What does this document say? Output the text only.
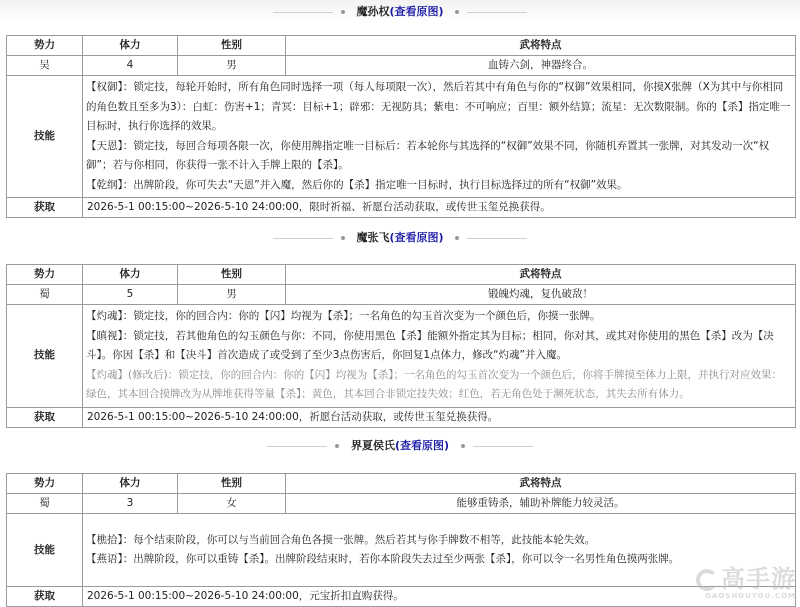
魔孙权(查看原图)
势力	体力	性别	武将特点
吴	4	男	血铸六剑，神器终合。
技能	【权御】：锁定技，每轮开始时，所有角色同时选择一项（每人每项限一次），然后若其中有角色与你的“权御”效果相同，你摸X张牌（X为其中与你相同的角色数且至多为3）：白虹：伤害+1；青冥：目标+1；辟邪：无视防具；紫电：不可响应；百里：额外结算；流星：无次数限制。你的【杀】指定唯一目标时，执行你选择的效果。
【天恩】：锁定技，每回合每项各限一次，你使用牌指定唯一目标后：若本轮你与其选择的“权御”效果不同，你随机弃置其一张牌，对其发动一次“权御”；若与你相同，你获得一张不计入手牌上限的【杀】。
【乾纲】：出牌阶段，你可失去“天恩”并入魔，然后你的【杀】指定唯一目标时，执行目标选择过的所有“权御”效果。		

获取	2026-5-1 00:15:00~2026-5-10 24:00:00，限时祈福、祈愿台活动获取，或传世玉玺兑换获得。		
魔张飞(查看原图)
势力	体力	性别	武将特点
蜀	5	男	锻魄灼魂，复仇破敌！
技能	【灼魂】：锁定技，你的回合内：你的【闪】均视为【杀】；一名角色的勾玉首次变为一个颜色后，你摸一张牌。
【瞋视】：锁定技，若其他角色的勾玉颜色与你：不同，你使用黑色【杀】能额外指定其为目标；相同，你对其，或其对你使用的黑色【杀】改为【决斗】。你因【杀】和【决斗】首次造成了或受到了至少3点伤害后，你回复1点体力，修改“灼魂”并入魔。
【灼魂】(修改后)：锁定技，你的回合内：你的【闪】均视为【杀】；一名角色的勾玉首次变为一个颜色后，你将手牌摸至体力上限，并执行对应效果：绿色，其本回合摸牌改为从牌堆获得等量【杀】；黄色，其本回合非锁定技失效；红色，若无角色处于濒死状态，其失去所有体力。		

获取	2026-5-1 00:15:00~2026-5-10 24:00:00，祈愿台活动获取，或传世玉玺兑换获得。		
界夏侯氏(查看原图)
势力	体力	性别	武将特点
蜀	3	女	能够重铸杀，辅助补牌能力较灵活。
技能	【樵拾】：每个结束阶段，你可以与当前回合角色各摸一张牌。然后若其与你手牌数不相等，此技能本轮失效。
【燕语】：出牌阶段，你可以重铸【杀】。出牌阶段结束时，若你本阶段失去过至少两张【杀】，你可以令一名男性角色摸两张牌。		

获取	2026-5-1 00:15:00~2026-5-10 24:00:00，元宝折扣直购获得。		
高手游
GAOSHOUYOU.COM
